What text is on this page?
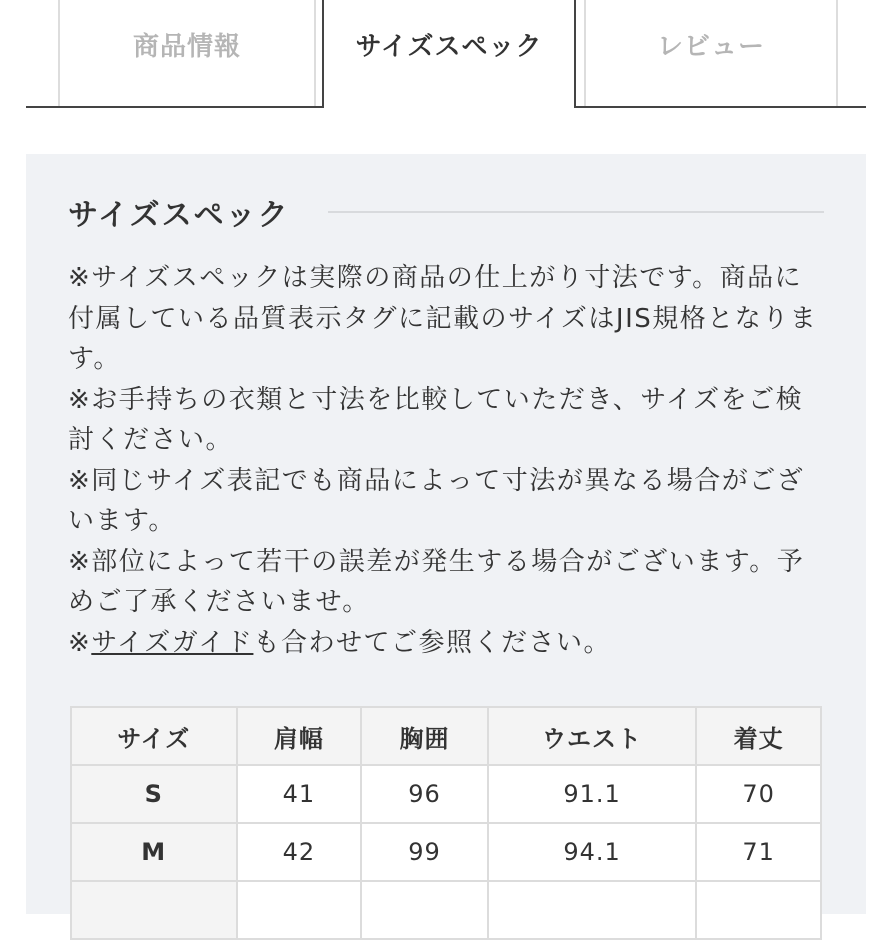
商品情報	サイズスペック	レビュー
サイズスペック

※サイズスペックは実際の商品の仕上がり寸法です。商品に付属している品質表示タグに記載のサイズはJIS規格となります。

※お手持ちの衣類と寸法を比較していただき、サイズをご検討ください。

※同じサイズ表記でも商品によって寸法が異なる場合がございます。

※部位によって若干の誤差が発生する場合がございます。予めご了承くださいませ。

※サイズガイドも合わせてご参照ください。

サイズ	肩幅	胸囲	ウエスト	着丈
S	41	96	91.1	70
M	42	99	94.1	71
